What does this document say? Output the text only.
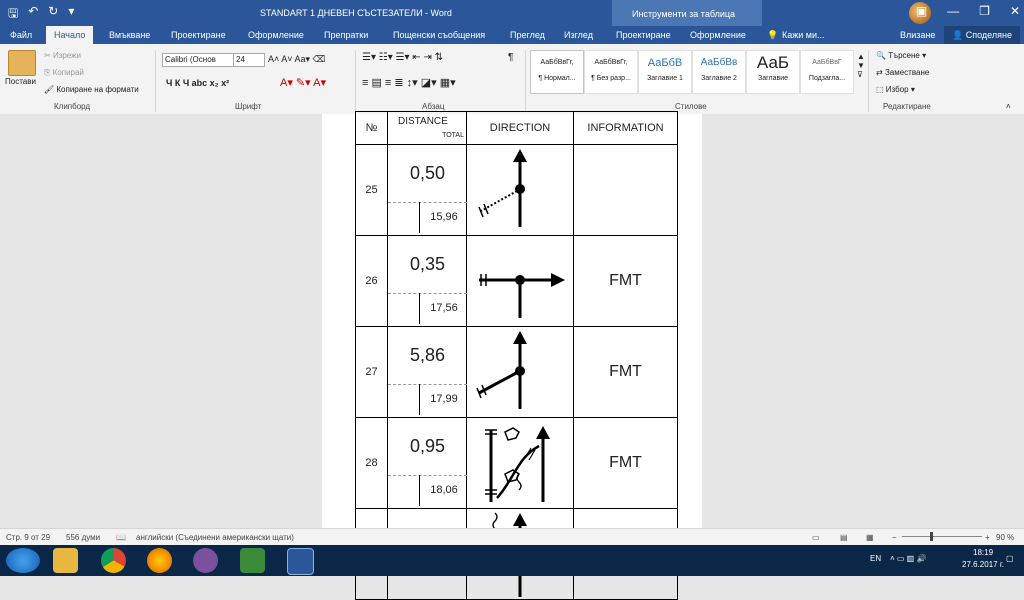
🖫 ↶ ↻ ▾	STANDART 1 ДНЕВЕН СЪСТЕЗАТЕЛИ - Word	Инструменти за таблица	▣ — ❐ ✕
Файл	Начало	Вмъкване Проектиране Оформление Препратки	Пощенски съобщения	Преглед Изглед	Проектиране Оформление 💡 Кажи ми...	Влизане	👤 Споделяне
Постави
✂ Изрежи
⎘ Копирай
🖌 Копиране на формати
Клипборд
Calibri (Основ	24	A˄ A˅ Aa▾ ⌫
Ч К Ч abc x₂ x²	A▾ ✎▾ A▾
Шрифт
☰▾ ☷▾ ☰▾ ⇤ ⇥ ⇅	¶
≡ ▤ ≡ ≣ ↕▾ ◪▾ ▦▾
Абзац
АаБбВвГг,
¶ Нормал...
АаБбВвГг,
¶ Без разр...
АаБбВ
Заглавие 1
АаБбВв
Заглавие 2
АаБ
Заглавие
АаБбВвГ
Подзагла...
▲
▼
⊽
Стилове
🔍 Търсене ▾
⇄ Заместване
⬚ Избор ▾
Редактиране	˄
№	DISTANCE
TOTAL	DIRECTION	INFORMATION
25	0,50
15,96

26	0,35
17,56		FMT
27	5,86
17,99		FMT
28	0,95
18,06		FMT

Стр. 9 от 29 556 думи 📖 английски (Съединени американски щати)	▭	▤ ▦ −	+ 90 %
EN ˄ ▭ ▥ 🔊
18:19
27.6.2017 г.
▢
